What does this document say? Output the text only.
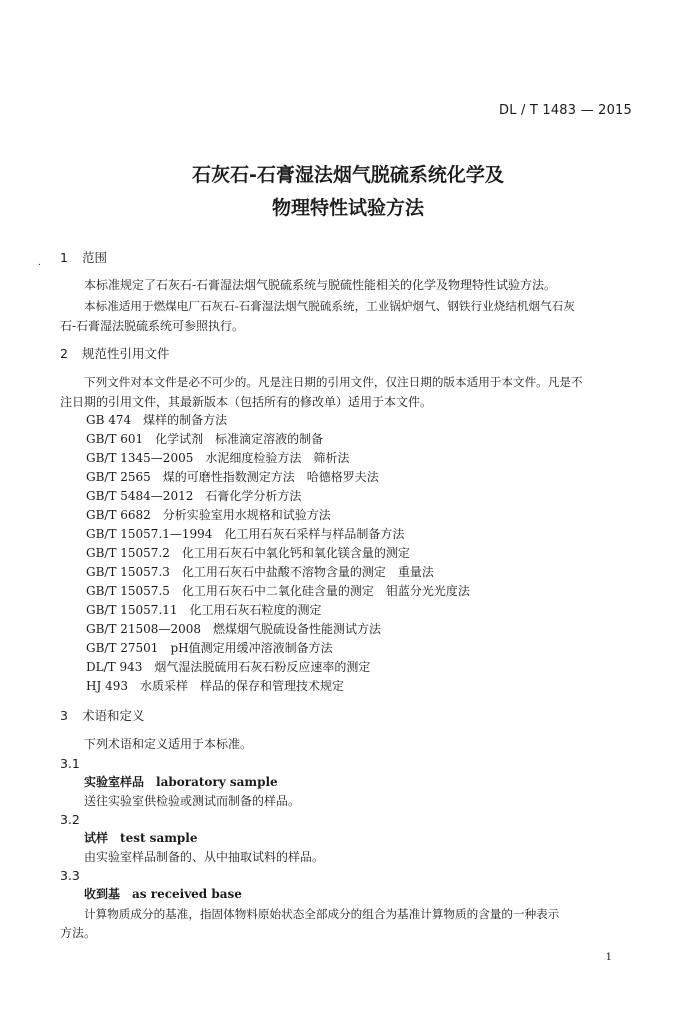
DL / T 1483 — 2015
石灰石-石膏湿法烟气脱硫系统化学及
物理特性试验方法
. 1 范围
本标准规定了石灰石-石膏湿法烟气脱硫系统与脱硫性能相关的化学及物理特性试验方法。
本标准适用于燃煤电厂石灰石-石膏湿法烟气脱硫系统，工业锅炉烟气、钢铁行业烧结机烟气石灰
石-石膏湿法脱硫系统可参照执行。
2 规范性引用文件
下列文件对本文件是必不可少的。凡是注日期的引用文件，仅注日期的版本适用于本文件。凡是不
注日期的引用文件，其最新版本（包括所有的修改单）适用于本文件。
GB 474　煤样的制备方法
GB/T 601　化学试剂　标准滴定溶液的制备
GB/T 1345—2005　水泥细度检验方法　筛析法
GB/T 2565　煤的可磨性指数测定方法　哈德格罗夫法
GB/T 5484—2012　石膏化学分析方法
GB/T 6682　分析实验室用水规格和试验方法
GB/T 15057.1—1994　化工用石灰石采样与样品制备方法
GB/T 15057.2　化工用石灰石中氧化钙和氧化镁含量的测定
GB/T 15057.3　化工用石灰石中盐酸不溶物含量的测定　重量法
GB/T 15057.5　化工用石灰石中二氧化硅含量的测定　钼蓝分光光度法
GB/T 15057.11　化工用石灰石粒度的测定
GB/T 21508—2008　燃煤烟气脱硫设备性能测试方法
GB/T 27501　pH值测定用缓冲溶液制备方法
DL/T 943　烟气湿法脱硫用石灰石粉反应速率的测定
HJ 493　水质采样　样品的保存和管理技术规定
3 术语和定义
下列术语和定义适用于本标准。
3.1
实验室样品　 laboratory sample
送往实验室供检验或测试而制备的样品。
3.2
试样　 test sample
由实验室样品制备的、从中抽取试料的样品。
3.3
收到基　 as received base
计算物质成分的基准，指固体物料原始状态全部成分的组合为基准计算物质的含量的一种表示
方法。
1
